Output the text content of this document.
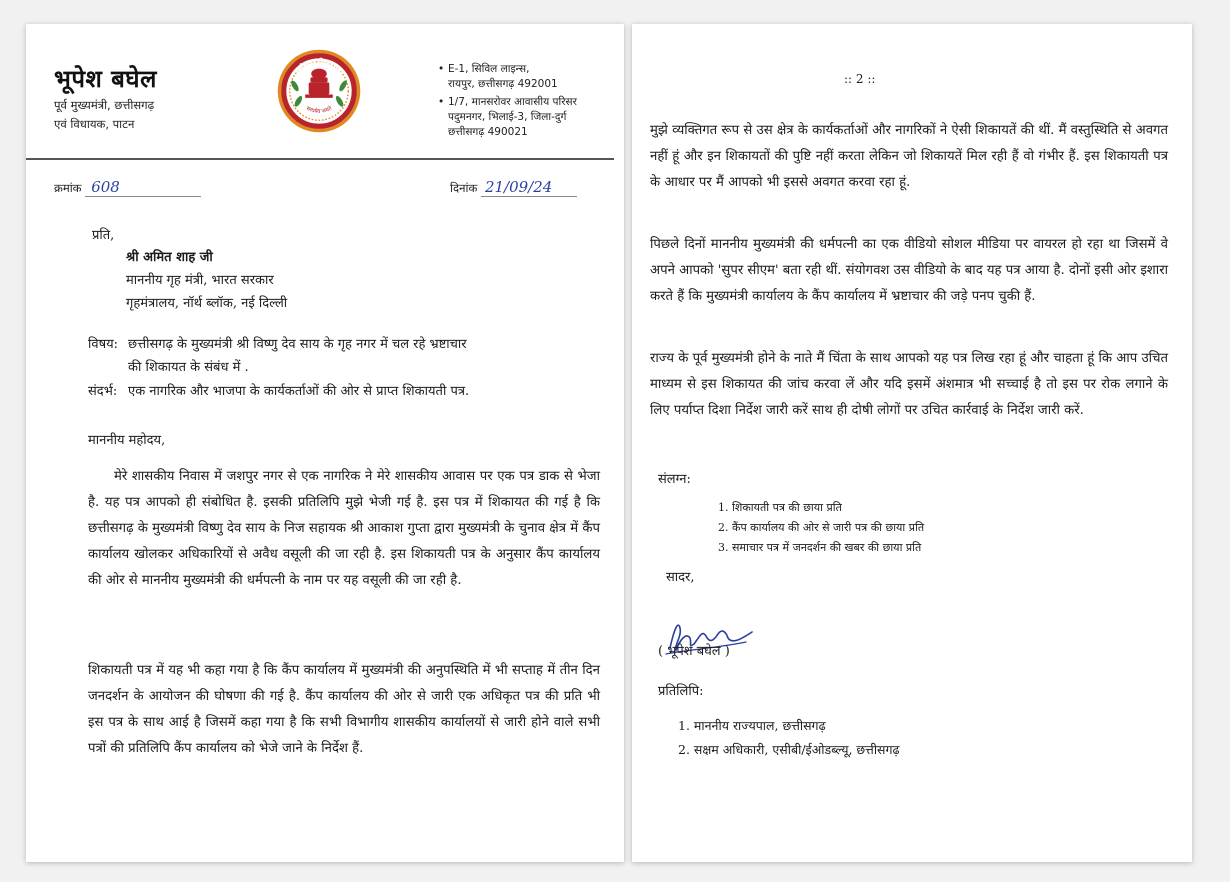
भूपेश बघेल
पूर्व मुख्यमंत्री, छत्तीसगढ़
एवं विधायक, पाटन
छत्तीसगढ़ विधानसभा
सत्यमेव जयते
• E-1, सिविल लाइन्स,
रायपुर, छत्तीसगढ़ 492001
• 1/7, मानसरोवर आवासीय परिसर
पदुमनगर, भिलाई-3, जिला-दुर्ग
छत्तीसगढ़ 490021
क्रमांक 608	दिनांक 21/09/24
प्रति,
श्री अमित शाह जी
माननीय गृह मंत्री, भारत सरकार
गृहमंत्रालय, नॉर्थ ब्लॉक, नई दिल्ली
विषय: छत्तीसगढ़ के मुख्यमंत्री श्री विष्णु देव साय के गृह नगर में चल रहे भ्रष्टाचार
की शिकायत के संबंध में .
संदर्भ: एक नागरिक और भाजपा के कार्यकर्ताओं की ओर से प्राप्त शिकायती पत्र.
माननीय महोदय,
मेरे शासकीय निवास में जशपुर नगर से एक नागरिक ने मेरे शासकीय आवास पर एक पत्र डाक से भेजा है. यह पत्र आपको ही संबोधित है. इसकी प्रतिलिपि मुझे भेजी गई है. इस पत्र में शिकायत की गई है कि छत्तीसगढ़ के मुख्यमंत्री विष्णु देव साय के निज सहायक श्री आकाश गुप्ता द्वारा मुख्यमंत्री के चुनाव क्षेत्र में कैंप कार्यालय खोलकर अधिकारियों से अवैध वसूली की जा रही है. इस शिकायती पत्र के अनुसार कैंप कार्यालय की ओर से माननीय मुख्यमंत्री की धर्मपत्नी के नाम पर यह वसूली की जा रही है.
शिकायती पत्र में यह भी कहा गया है कि कैंप कार्यालय में मुख्यमंत्री की अनुपस्थिति में भी सप्ताह में तीन दिन जनदर्शन के आयोजन की घोषणा की गई है. कैंप कार्यालय की ओर से जारी एक अधिकृत पत्र की प्रति भी इस पत्र के साथ आई है जिसमें कहा गया है कि सभी विभागीय शासकीय कार्यालयों से जारी होने वाले सभी पत्रों की प्रतिलिपि कैंप कार्यालय को भेजे जाने के निर्देश हैं.
:: 2 ::
मुझे व्यक्तिगत रूप से उस क्षेत्र के कार्यकर्ताओं और नागरिकों ने ऐसी शिकायतें की थीं. मैं वस्तुस्थिति से अवगत नहीं हूं और इन शिकायतों की पुष्टि नहीं करता लेकिन जो शिकायतें मिल रही हैं वो गंभीर हैं. इस शिकायती पत्र के आधार पर मैं आपको भी इससे अवगत करवा रहा हूं.
पिछले दिनों माननीय मुख्यमंत्री की धर्मपत्नी का एक वीडियो सोशल मीडिया पर वायरल हो रहा था जिसमें वे अपने आपको 'सुपर सीएम' बता रही थीं. संयोगवश उस वीडियो के बाद यह पत्र आया है. दोनों इसी ओर इशारा करते हैं कि मुख्यमंत्री कार्यालय के कैंप कार्यालय में भ्रष्टाचार की जड़े पनप चुकी हैं.
राज्य के पूर्व मुख्यमंत्री होने के नाते मैं चिंता के साथ आपको यह पत्र लिख रहा हूं और चाहता हूं कि आप उचित माध्यम से इस शिकायत की जांच करवा लें और यदि इसमें अंशमात्र भी सच्चाई है तो इस पर रोक लगाने के लिए पर्याप्त दिशा निर्देश जारी करें साथ ही दोषी लोगों पर उचित कार्रवाई के निर्देश जारी करें.
संलग्न:
1. शिकायती पत्र की छाया प्रति
2. कैंप कार्यालय की ओर से जारी पत्र की छाया प्रति
3. समाचार पत्र में जनदर्शन की खबर की छाया प्रति
सादर,
( भूपेश बघेल )
प्रतिलिपि:
1. माननीय राज्यपाल, छत्तीसगढ़
2. सक्षम अधिकारी, एसीबी/ईओडब्ल्यू, छत्तीसगढ़
